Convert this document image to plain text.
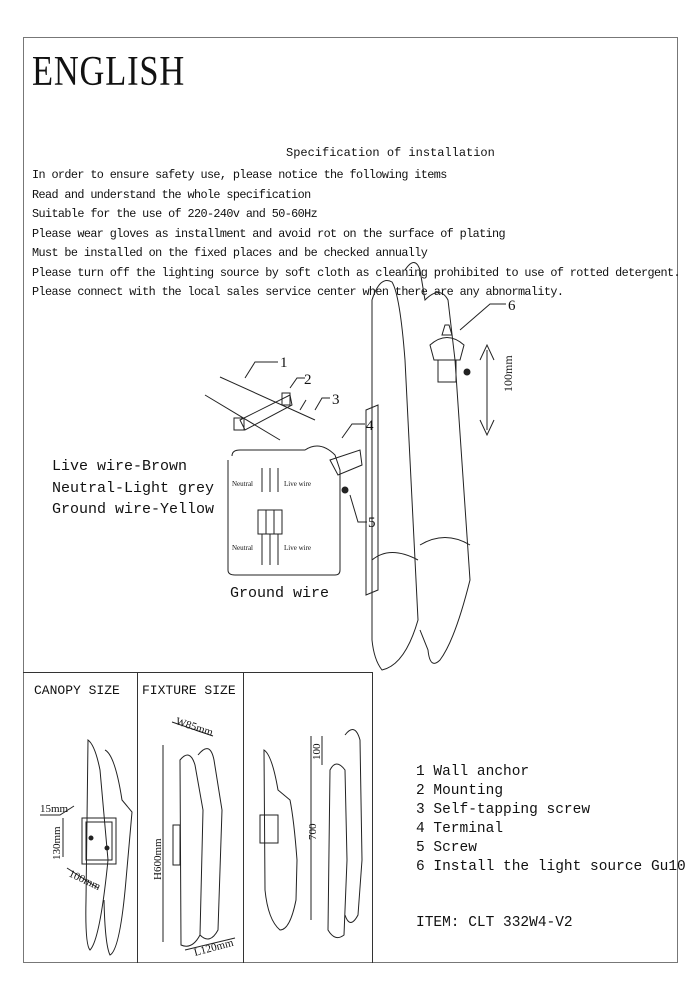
ENGLISH
Specification of installation
In order to ensure safety use, please notice the following items
Read and understand the whole specification
Suitable for the use of 220-240v and 50-60Hz
Please wear gloves as installment and avoid rot on the surface of plating
Must be installed on the fixed places and be checked annually
Please turn off the lighting source by soft cloth as cleaning prohibited to use of rotted detergent.
Please connect with the local sales service center when there are any abnormality.
Live wire-Brown
Neutral-Light grey
Ground wire-Yellow
Ground wire
100mm
Neutral	Live wire
Neutral	Live wire
1
2
3
4
5
6
15mm
130mm
100mm
H600mm
W85mm
L120mm
100
700
CANOPY SIZE FIXTURE SIZE
1 Wall anchor
2 Mounting
3 Self-tapping screw
4 Terminal
5 Screw
6 Install the light source Gu10
ITEM: CLT 332W4-V2
